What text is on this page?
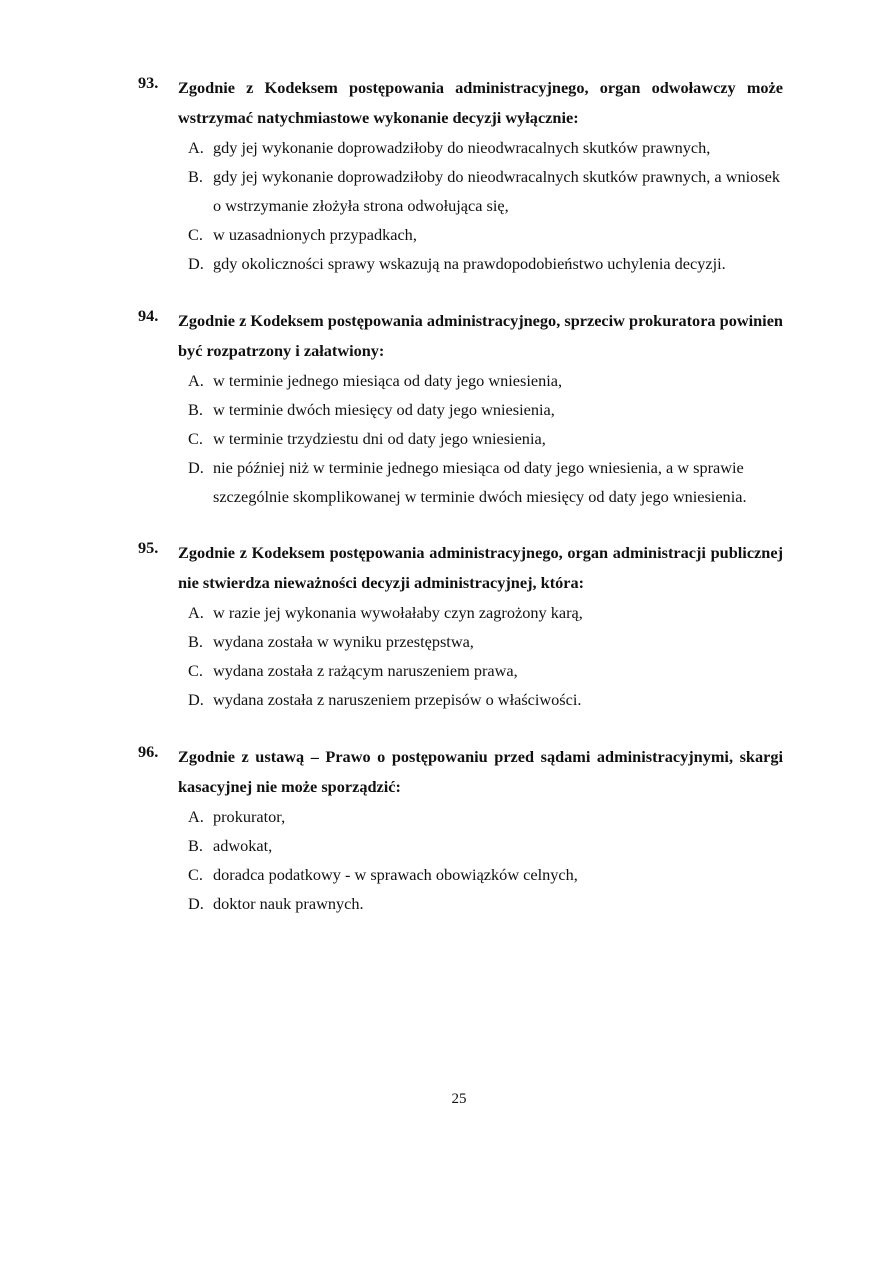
93. Zgodnie z Kodeksem postępowania administracyjnego, organ odwoławczy może wstrzymać natychmiastowe wykonanie decyzji wyłącznie:
A. gdy jej wykonanie doprowadziłoby do nieodwracalnych skutków prawnych,
B. gdy jej wykonanie doprowadziłoby do nieodwracalnych skutków prawnych, a wniosek o wstrzymanie złożyła strona odwołująca się,
C. w uzasadnionych przypadkach,
D. gdy okoliczności sprawy wskazują na prawdopodobieństwo uchylenia decyzji.
94. Zgodnie z Kodeksem postępowania administracyjnego, sprzeciw prokuratora powinien być rozpatrzony i załatwiony:
A. w terminie jednego miesiąca od daty jego wniesienia,
B. w terminie dwóch miesięcy od daty jego wniesienia,
C. w terminie trzydziestu dni od daty jego wniesienia,
D. nie później niż w terminie jednego miesiąca od daty jego wniesienia, a w sprawie szczególnie skomplikowanej w terminie dwóch miesięcy od daty jego wniesienia.
95. Zgodnie z Kodeksem postępowania administracyjnego, organ administracji publicznej nie stwierdza nieważności decyzji administracyjnej, która:
A. w razie jej wykonania wywołałaby czyn zagrożony karą,
B. wydana została w wyniku przestępstwa,
C. wydana została z rażącym naruszeniem prawa,
D. wydana została z naruszeniem przepisów o właściwości.
96. Zgodnie z ustawą – Prawo o postępowaniu przed sądami administracyjnymi, skargi kasacyjnej nie może sporządzić:
A. prokurator,
B. adwokat,
C. doradca podatkowy - w sprawach obowiązków celnych,
D. doktor nauk prawnych.
25
